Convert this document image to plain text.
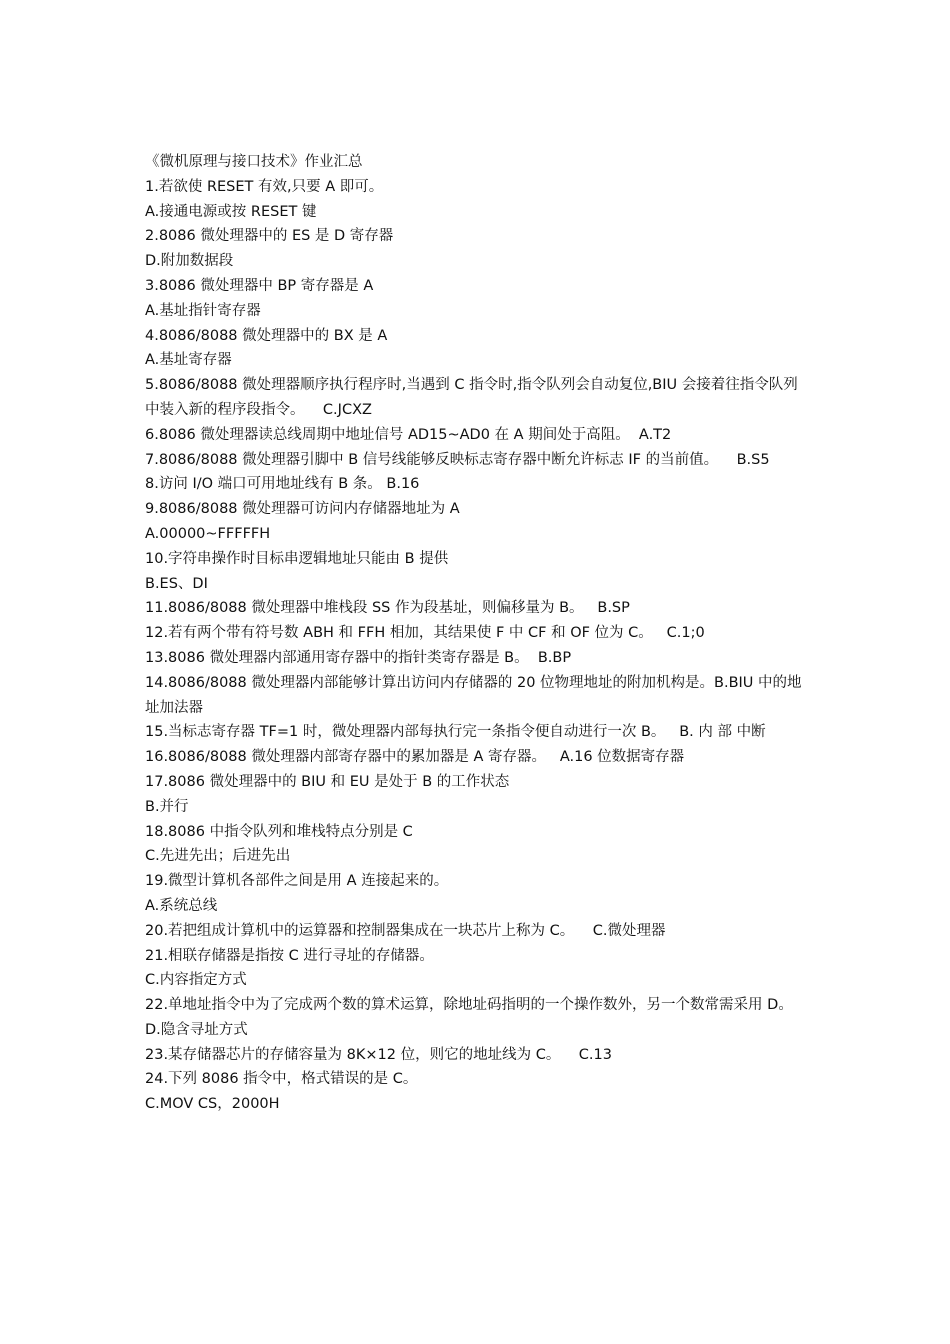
《微机原理与接口技术》作业汇总

1.若欲使 RESET 有效,只要 A 即可。

A.接通电源或按 RESET 键

2.8086 微处理器中的 ES 是 D 寄存器

D.附加数据段

3.8086 微处理器中 BP 寄存器是 A

A.基址指针寄存器

4.8086/8088 微处理器中的 BX 是 A

A.基址寄存器

5.8086/8088 微处理器顺序执行程序时,当遇到 C 指令时,指令队列会自动复位,BIU 会接着往指令队列中装入新的程序段指令。    C.JCXZ

6.8086 微处理器读总线周期中地址信号 AD15~AD0 在 A 期间处于高阻。  A.T2

7.8086/8088 微处理器引脚中 B 信号线能够反映标志寄存器中断允许标志 IF 的当前值。    B.S5

8.访问 I/O 端口可用地址线有 B 条。 B.16

9.8086/8088 微处理器可访问内存储器地址为 A

A.00000~FFFFFH

10.字符串操作时目标串逻辑地址只能由 B 提供

B.ES、DI

11.8086/8088 微处理器中堆栈段 SS 作为段基址，则偏移量为 B。   B.SP

12.若有两个带有符号数 ABH 和 FFH 相加，其结果使 F 中 CF 和 OF 位为 C。   C.1;0

13.8086 微处理器内部通用寄存器中的指针类寄存器是 B。  B.BP

14.8086/8088 微处理器内部能够计算出访问内存储器的 20 位物理地址的附加机构是。B.BIU 中的地址加法器

15.当标志寄存器 TF=1 时，微处理器内部每执行完一条指令便自动进行一次 B。   B. 内 部 中断

16.8086/8088 微处理器内部寄存器中的累加器是 A 寄存器。   A.16 位数据寄存器

17.8086 微处理器中的 BIU 和 EU 是处于 B 的工作状态

B.并行

18.8086 中指令队列和堆栈特点分别是 C

C.先进先出；后进先出

19.微型计算机各部件之间是用 A 连接起来的。

A.系统总线

20.若把组成计算机中的运算器和控制器集成在一块芯片上称为 C。    C.微处理器

21.相联存储器是指按 C 进行寻址的存储器。

C.内容指定方式

22.单地址指令中为了完成两个数的算术运算，除地址码指明的一个操作数外，另一个数常需采用 D。

D.隐含寻址方式

23.某存储器芯片的存储容量为 8K×12 位，则它的地址线为 C。    C.13

24.下列 8086 指令中，格式错误的是 C。

C.MOV CS，2000H
